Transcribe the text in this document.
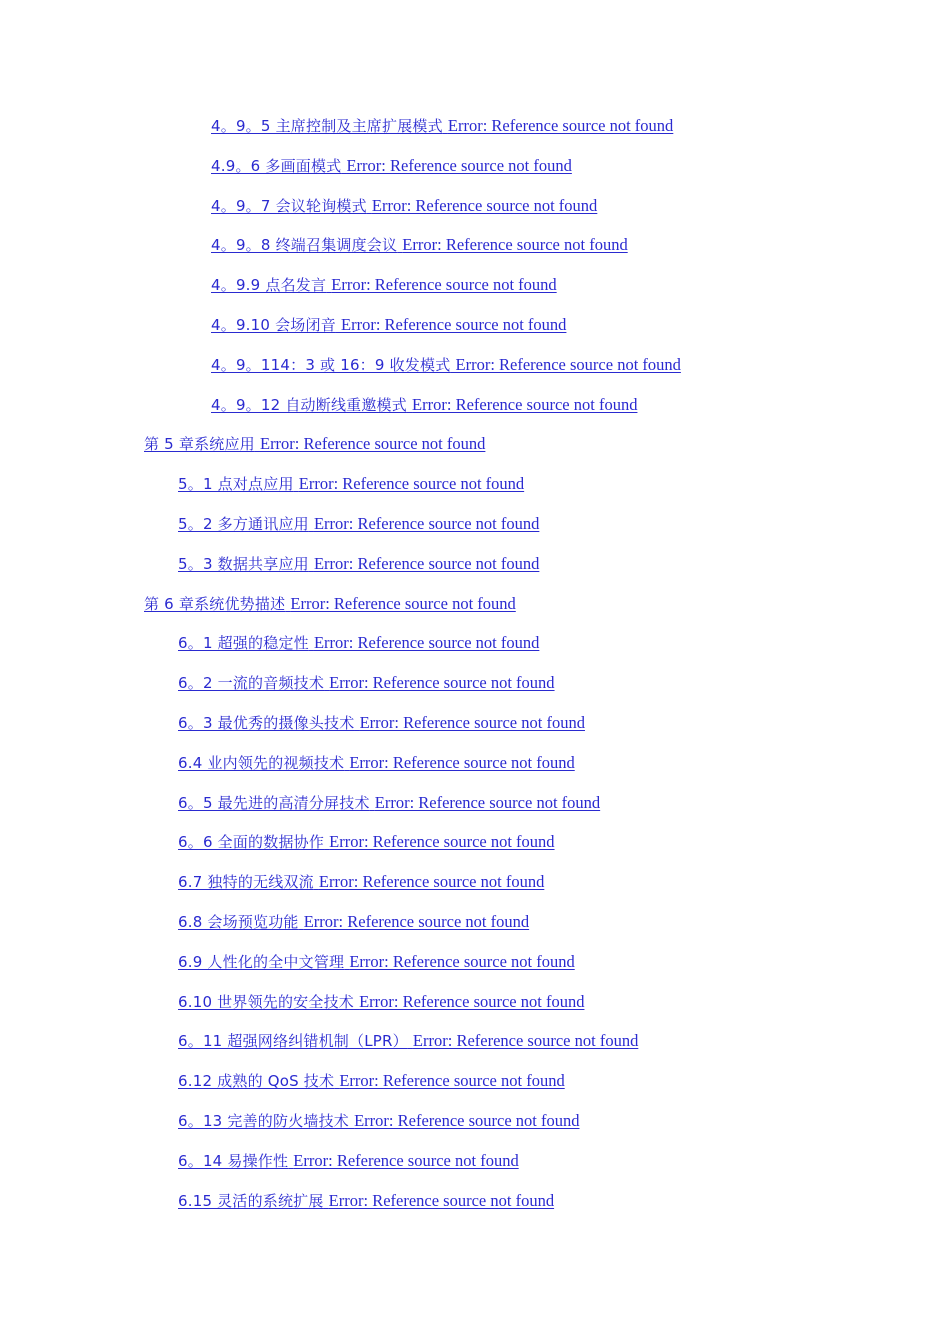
4。9。5 主席控制及主席扩展模式 Error: Reference source not found
4.9。6 多画面模式 Error: Reference source not found
4。9。7 会议轮询模式 Error: Reference source not found
4。9。8 终端召集调度会议 Error: Reference source not found
4。9.9 点名发言 Error: Reference source not found
4。9.10 会场闭音 Error: Reference source not found
4。9。114：3 或 16：9 收发模式 Error: Reference source not found
4。9。12 自动断线重邀模式 Error: Reference source not found
第 5 章系统应用 Error: Reference source not found
5。1 点对点应用 Error: Reference source not found
5。2 多方通讯应用 Error: Reference source not found
5。3 数据共享应用 Error: Reference source not found
第 6 章系统优势描述 Error: Reference source not found
6。1 超强的稳定性 Error: Reference source not found
6。2 一流的音频技术 Error: Reference source not found
6。3 最优秀的摄像头技术 Error: Reference source not found
6.4 业内领先的视频技术 Error: Reference source not found
6。5 最先进的高清分屏技术 Error: Reference source not found
6。6 全面的数据协作 Error: Reference source not found
6.7 独特的无线双流 Error: Reference source not found
6.8 会场预览功能 Error: Reference source not found
6.9 人性化的全中文管理 Error: Reference source not found
6.10 世界领先的安全技术 Error: Reference source not found
6。11 超强网络纠错机制（LPR） Error: Reference source not found
6.12 成熟的 QoS 技术 Error: Reference source not found
6。13 完善的防火墙技术 Error: Reference source not found
6。14 易操作性 Error: Reference source not found
6.15 灵活的系统扩展 Error: Reference source not found
